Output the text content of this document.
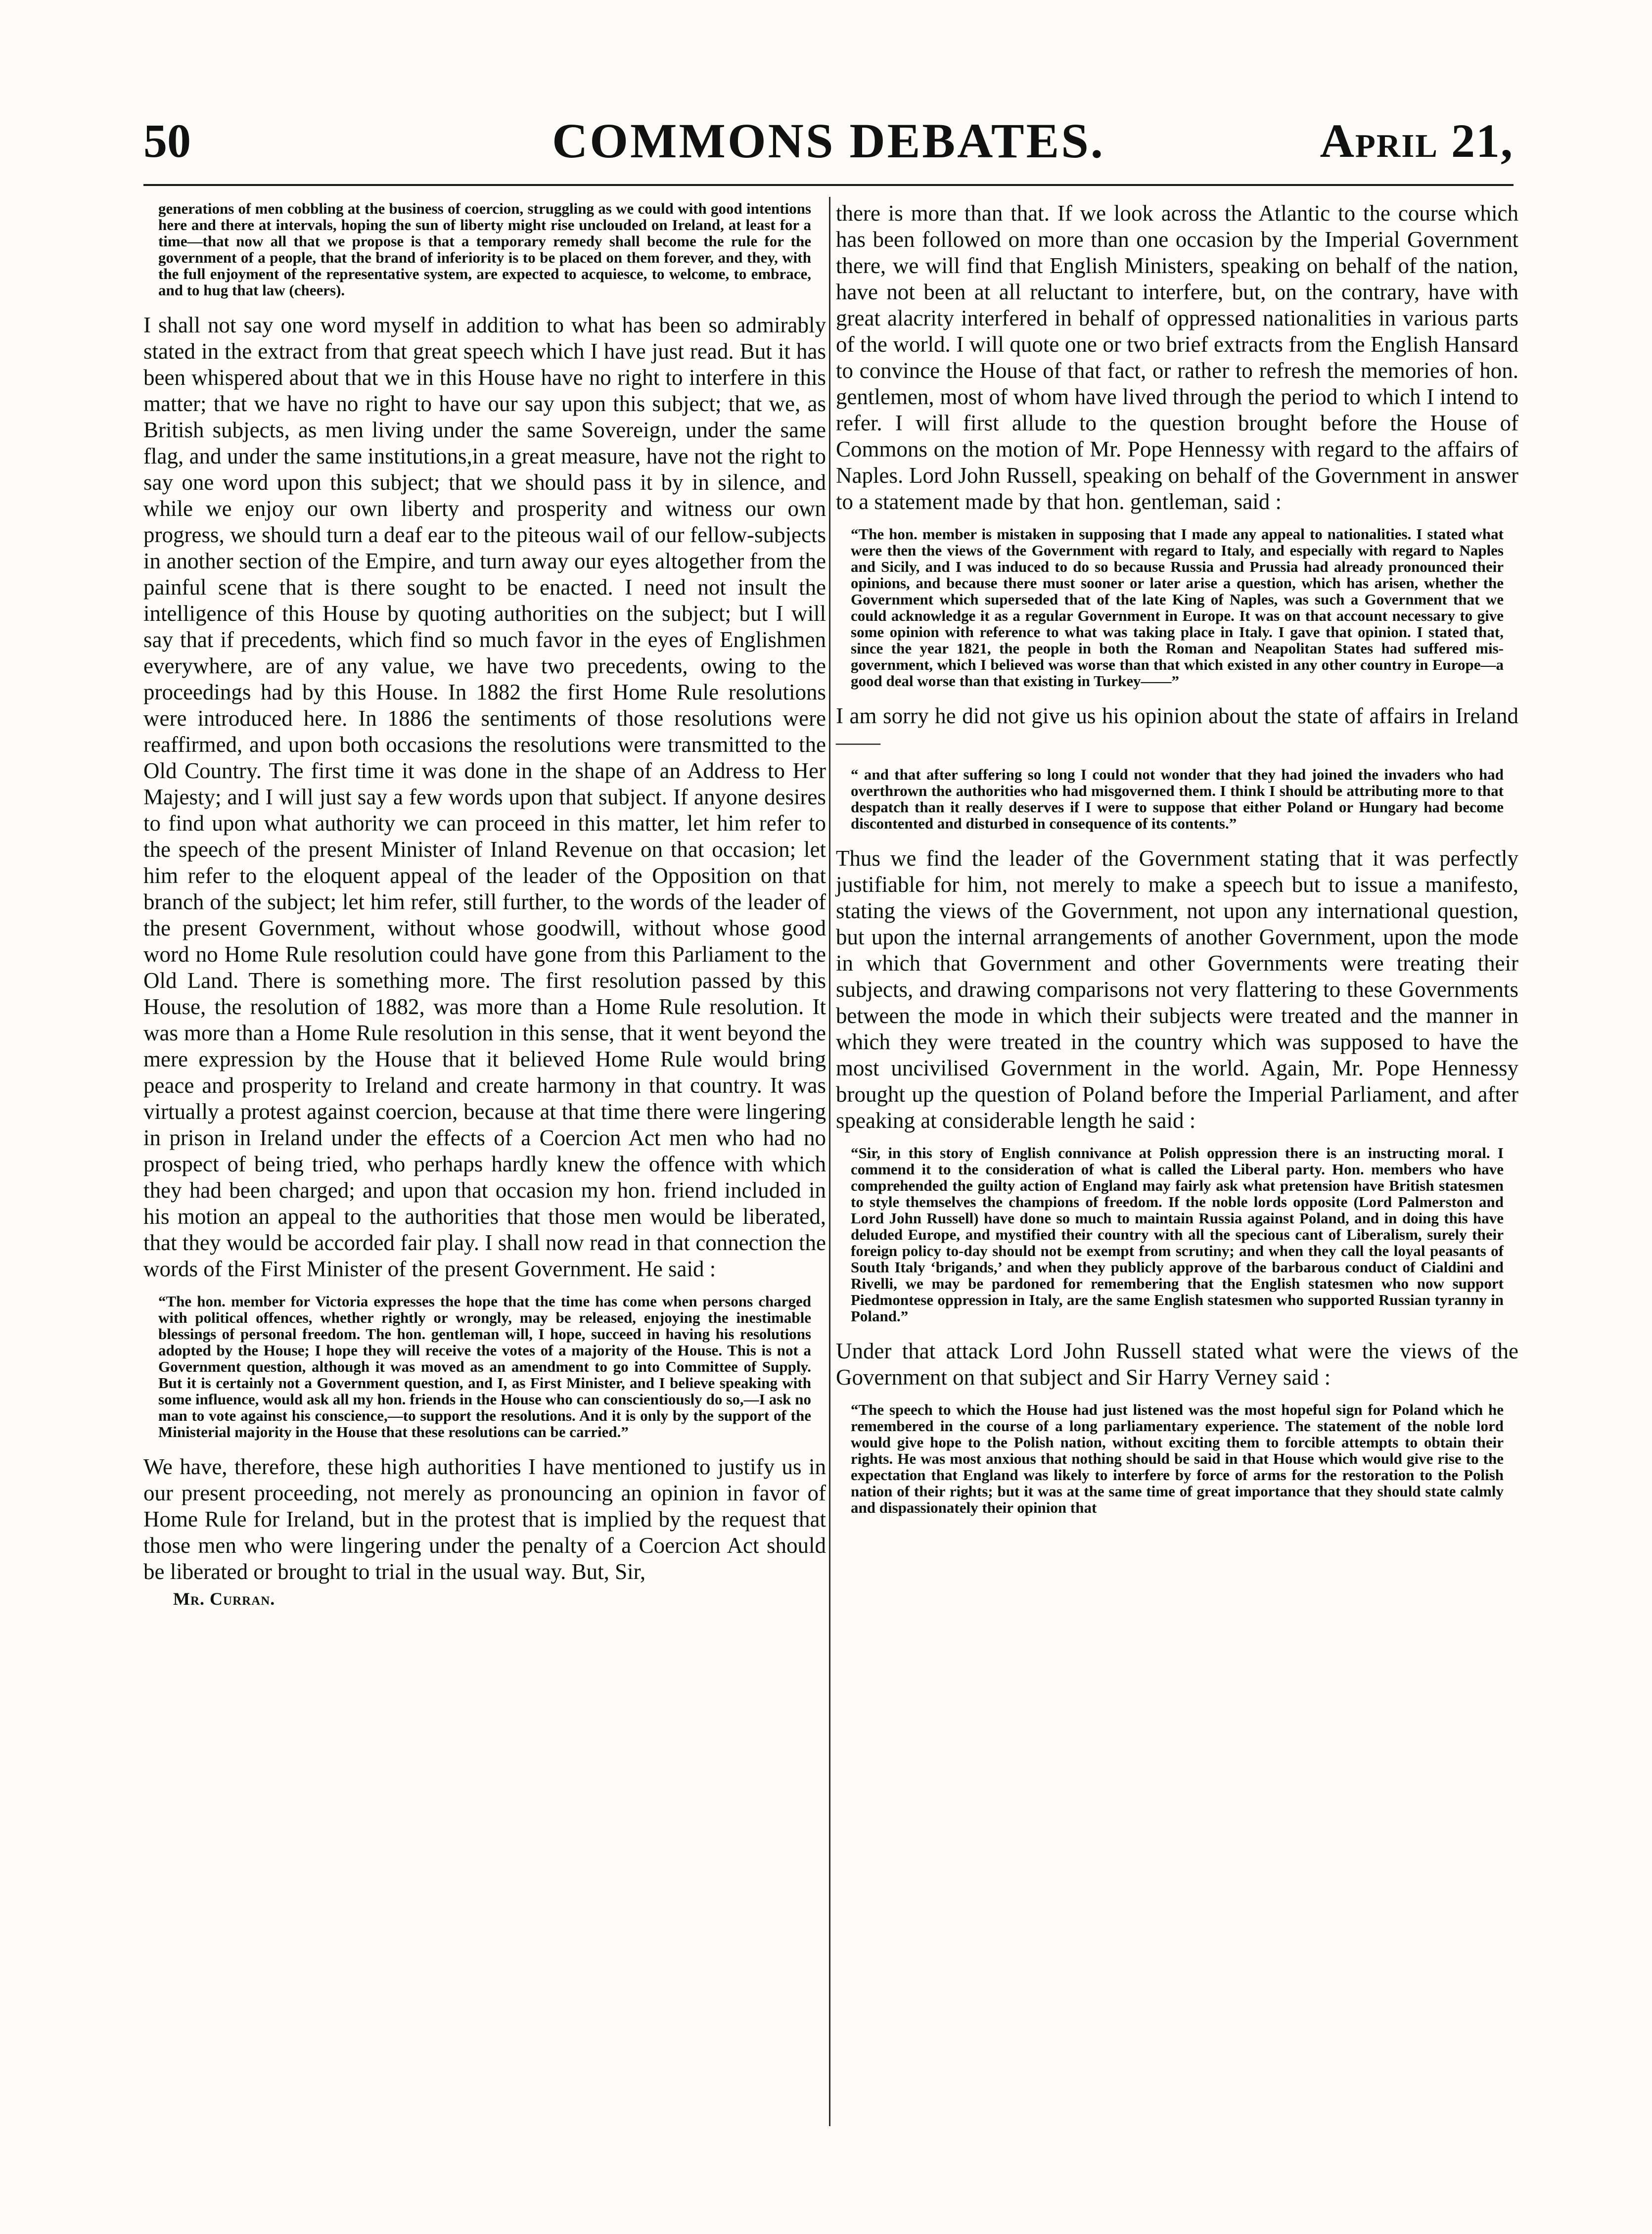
50	COMMONS DEBATES.	April 21,

generations of men cobbling at the business of coercion, struggling as we could with good intentions here and there at intervals, hoping the sun of liberty might rise unclouded on Ireland, at least for a time—that now all that we propose is that a temporary remedy shall become the rule for the government of a people, that the brand of inferiority is to be placed on them forever, and they, with the full enjoyment of the representative system, are expected to acquiesce, to welcome, to embrace, and to hug that law (cheers).

I shall not say one word myself in addition to what has been so admirably stated in the extract from that great speech which I have just read. But it has been whispered about that we in this House have no right to interfere in this matter; that we have no right to have our say upon this subject; that we, as British subjects, as men living under the same Sovereign, under the same flag, and under the same institutions,in a great measure, have not the right to say one word upon this subject; that we should pass it by in silence, and while we enjoy our own liberty and prosperity and witness our own progress, we should turn a deaf ear to the piteous wail of our fellow-subjects in another section of the Empire, and turn away our eyes altogether from the painful scene that is there sought to be enacted. I need not insult the intelligence of this House by quoting authorities on the subject; but I will say that if precedents, which find so much favor in the eyes of Englishmen everywhere, are of any value, we have two precedents, owing to the proceedings had by this House. In 1882 the first Home Rule resolutions were introduced here. In 1886 the sentiments of those resolutions were reaffirmed, and upon both occasions the resolutions were transmitted to the Old Country. The first time it was done in the shape of an Address to Her Majesty; and I will just say a few words upon that subject. If anyone desires to find upon what authority we can proceed in this matter, let him refer to the speech of the present Minister of Inland Revenue on that occasion; let him refer to the eloquent appeal of the leader of the Opposition on that branch of the subject; let him refer, still further, to the words of the leader of the present Government, without whose goodwill, without whose good word no Home Rule resolution could have gone from this Parliament to the Old Land. There is something more. The first resolution passed by this House, the resolution of 1882, was more than a Home Rule resolution. It was more than a Home Rule resolution in this sense, that it went beyond the mere expression by the House that it believed Home Rule would bring peace and prosperity to Ireland and create harmony in that country. It was virtually a protest against coercion, because at that time there were lingering in prison in Ireland under the effects of a Coercion Act men who had no prospect of being tried, who perhaps hardly knew the offence with which they had been charged; and upon that occasion my hon. friend included in his motion an appeal to the authorities that those men would be liberated, that they would be accorded fair play. I shall now read in that connection the words of the First Minister of the present Government. He said :

“The hon. member for Victoria expresses the hope that the time has come when persons charged with political offences, whether rightly or wrongly, may be released, enjoying the inestimable blessings of personal freedom. The hon. gentleman will, I hope, succeed in having his resolutions adopted by the House; I hope they will receive the votes of a majority of the House. This is not a Government question, although it was moved as an amendment to go into Committee of Supply. But it is certainly not a Government question, and I, as First Minister, and I believe speaking with some influence, would ask all my hon. friends in the House who can conscientiously do so,—I ask no man to vote against his conscience,—to support the resolutions. And it is only by the support of the Ministerial majority in the House that these resolutions can be carried.”

We have, therefore, these high authorities I have mentioned to justify us in our present proceeding, not merely as pronouncing an opinion in favor of Home Rule for Ireland, but in the protest that is implied by the request that those men who were lingering under the penalty of a Coercion Act should be liberated or brought to trial in the usual way. But, Sir,

Mr. Curran.

there is more than that. If we look across the Atlantic to the course which has been followed on more than one occasion by the Imperial Government there, we will find that English Ministers, speaking on behalf of the nation, have not been at all reluctant to interfere, but, on the contrary, have with great alacrity interfered in behalf of oppressed nationalities in various parts of the world. I will quote one or two brief extracts from the English Hansard to convince the House of that fact, or rather to refresh the memories of hon. gentlemen, most of whom have lived through the period to which I intend to refer. I will first allude to the question brought before the House of Commons on the motion of Mr. Pope Hennessy with regard to the affairs of Naples. Lord John Russell, speaking on behalf of the Government in answer to a statement made by that hon. gentleman, said :

“The hon. member is mistaken in supposing that I made any appeal to nationalities. I stated what were then the views of the Government with regard to Italy, and especially with regard to Naples and Sicily, and I was induced to do so because Russia and Prussia had already pronounced their opinions, and because there must sooner or later arise a question, which has arisen, whether the Government which superseded that of the late King of Naples, was such a Government that we could acknowledge it as a regular Government in Europe. It was on that account necessary to give some opinion with reference to what was taking place in Italy. I gave that opinion. I stated that, since the year 1821, the people in both the Roman and Neapolitan States had suffered mis-government, which I believed was worse than that which existed in any other country in Europe—a good deal worse than that existing in Turkey——”

I am sorry he did not give us his opinion about the state of affairs in Ireland——

“ and that after suffering so long I could not wonder that they had joined the invaders who had overthrown the authorities who had misgoverned them. I think I should be attributing more to that despatch than it really deserves if I were to suppose that either Poland or Hungary had become discontented and disturbed in consequence of its contents.”

Thus we find the leader of the Government stating that it was perfectly justifiable for him, not merely to make a speech but to issue a manifesto, stating the views of the Government, not upon any international question, but upon the internal arrangements of another Government, upon the mode in which that Government and other Governments were treating their subjects, and drawing comparisons not very flattering to these Governments between the mode in which their subjects were treated and the manner in which they were treated in the country which was supposed to have the most uncivilised Government in the world. Again, Mr. Pope Hennessy brought up the question of Poland before the Imperial Parliament, and after speaking at considerable length he said :

“Sir, in this story of English connivance at Polish oppression there is an instructing moral. I commend it to the consideration of what is called the Liberal party. Hon. members who have comprehended the guilty action of England may fairly ask what pretension have British statesmen to style themselves the champions of freedom. If the noble lords opposite (Lord Palmerston and Lord John Russell) have done so much to maintain Russia against Poland, and in doing this have deluded Europe, and mystified their country with all the specious cant of Liberalism, surely their foreign policy to-day should not be exempt from scrutiny; and when they call the loyal peasants of South Italy ‘brigands,’ and when they publicly approve of the barbarous conduct of Cialdini and Rivelli, we may be pardoned for remembering that the English statesmen who now support Piedmontese oppression in Italy, are the same English statesmen who supported Russian tyranny in Poland.”

Under that attack Lord John Russell stated what were the views of the Government on that subject and Sir Harry Verney said :

“The speech to which the House had just listened was the most hopeful sign for Poland which he remembered in the course of a long parliamentary experience. The statement of the noble lord would give hope to the Polish nation, without exciting them to forcible attempts to obtain their rights. He was most anxious that nothing should be said in that House which would give rise to the expectation that England was likely to interfere by force of arms for the restoration to the Polish nation of their rights; but it was at the same time of great importance that they should state calmly and dispassionately their opinion that
